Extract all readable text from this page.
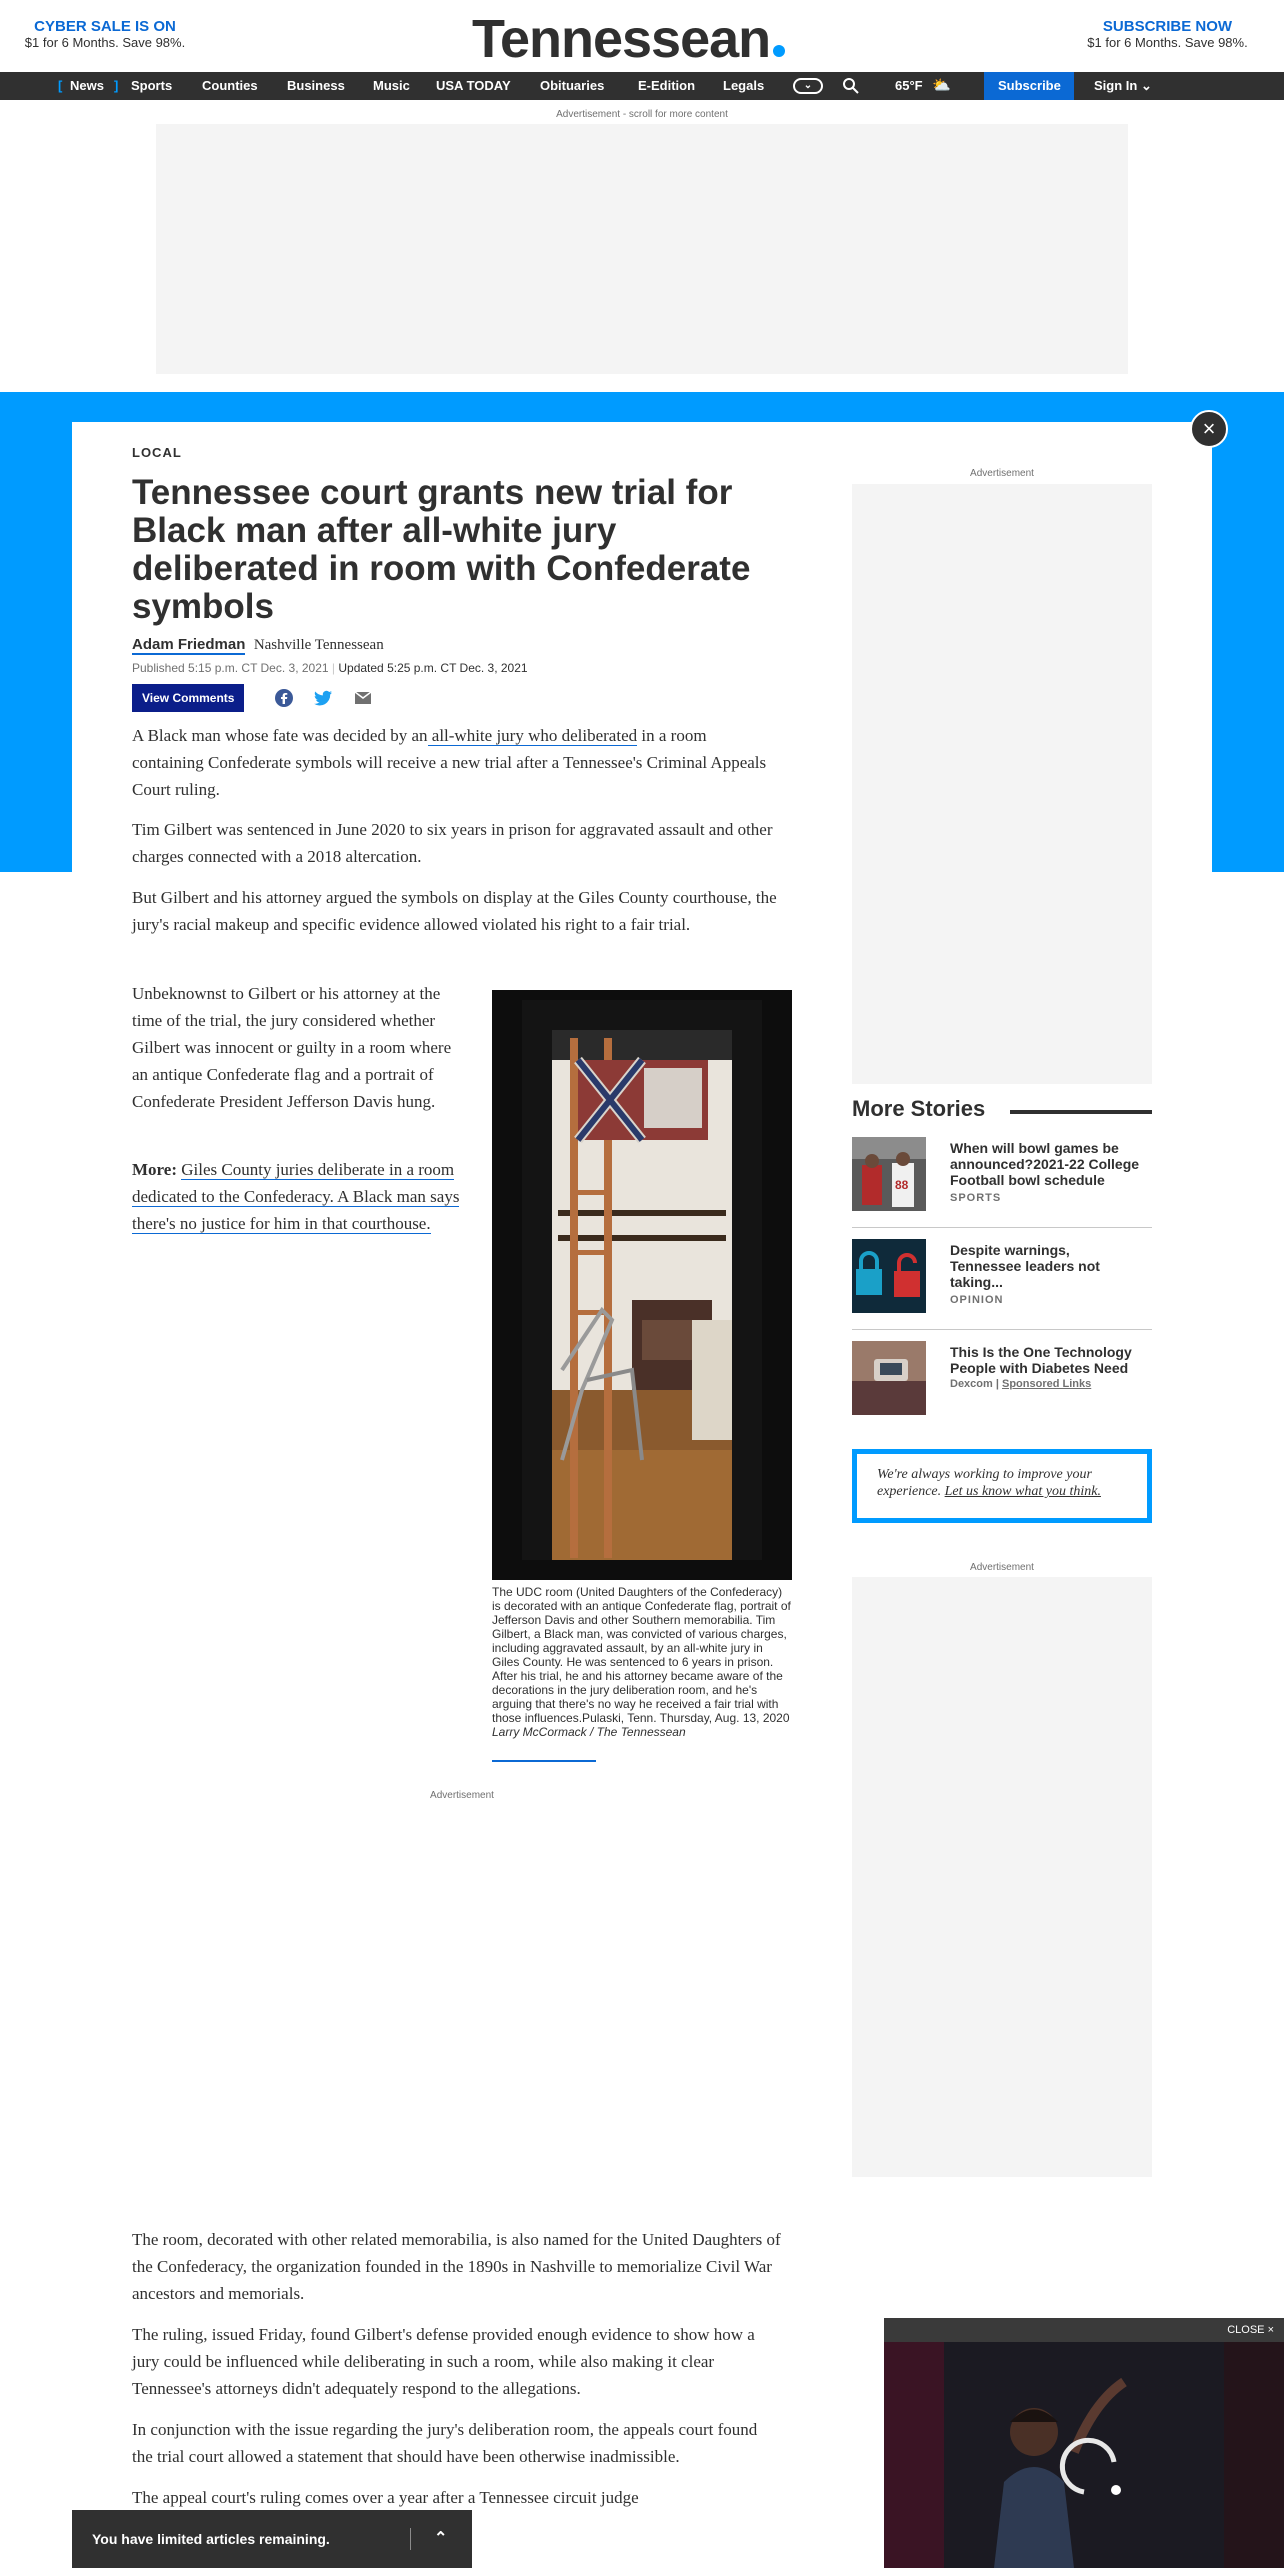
CYBER SALE IS ON
$1 for 6 Months. Save 98%.	Tennessean	SUBSCRIBE NOW
$1 for 6 Months. Save 98%.
[ News ] Sports Counties Business Music USA TODAY Obituaries	E-Edition Legals	⌄	65°F ⛅	Subscribe	Sign In ⌄
Advertisement - scroll for more content
×
LOCAL
Tennessee court grants new trial for Black man after all-white jury deliberated in room with Confederate symbols
Adam Friedman Nashville Tennessean
Published 5:15 p.m. CT Dec. 3, 2021 | Updated 5:25 p.m. CT Dec. 3, 2021
View Comments
A Black man whose fate was decided by an all-white jury who deliberated in a room containing Confederate symbols will receive a new trial after a Tennessee's Criminal Appeals Court ruling.
Tim Gilbert was sentenced in June 2020 to six years in prison for aggravated assault and other charges connected with a 2018 altercation.
But Gilbert and his attorney argued the symbols on display at the Giles County courthouse, the jury's racial makeup and specific evidence allowed violated his right to a fair trial.
Unbeknownst to Gilbert or his attorney at the time of the trial, the jury considered whether Gilbert was innocent or guilty in a room where an antique Confederate flag and a portrait of Confederate President Jefferson Davis hung.
More: Giles County juries deliberate in a room dedicated to the Confederacy. A Black man says there's no justice for him in that courthouse.
The UDC room (United Daughters of the Confederacy) is decorated with an antique Confederate flag, portrait of Jefferson Davis and other Southern memorabilia. Tim Gilbert, a Black man, was convicted of various charges, including aggravated assault, by an all-white jury in Giles County. He was sentenced to 6 years in prison. After his trial, he and his attorney became aware of the decorations in the jury deliberation room, and he's arguing that there's no way he received a fair trial with those influences.Pulaski, Tenn. Thursday, Aug. 13, 2020 Larry McCormack / The Tennessean
Advertisement
The room, decorated with other related memorabilia, is also named for the United Daughters of the Confederacy, the organization founded in the 1890s in Nashville to memorialize Civil War ancestors and memorials.
The ruling, issued Friday, found Gilbert's defense provided enough evidence to show how a jury could be influenced while deliberating in such a room, while also making it clear Tennessee's attorneys didn't adequately respond to the allegations.
In conjunction with the issue regarding the jury's deliberation room, the appeals court found the trial court allowed a statement that should have been otherwise inadmissible.
The appeal court's ruling comes over a year after a Tennessee circuit judge
Advertisement
More Stories
88
When will bowl games be announced?2021-22 College Football bowl schedule
SPORTS
Despite warnings, Tennessee leaders not taking...
OPINION
This Is the One Technology People with Diabetes Need
Dexcom | Sponsored Links
We're always working to improve your experience. Let us know what you think.
Advertisement
CLOSE ×
You have limited articles remaining.	⌃
